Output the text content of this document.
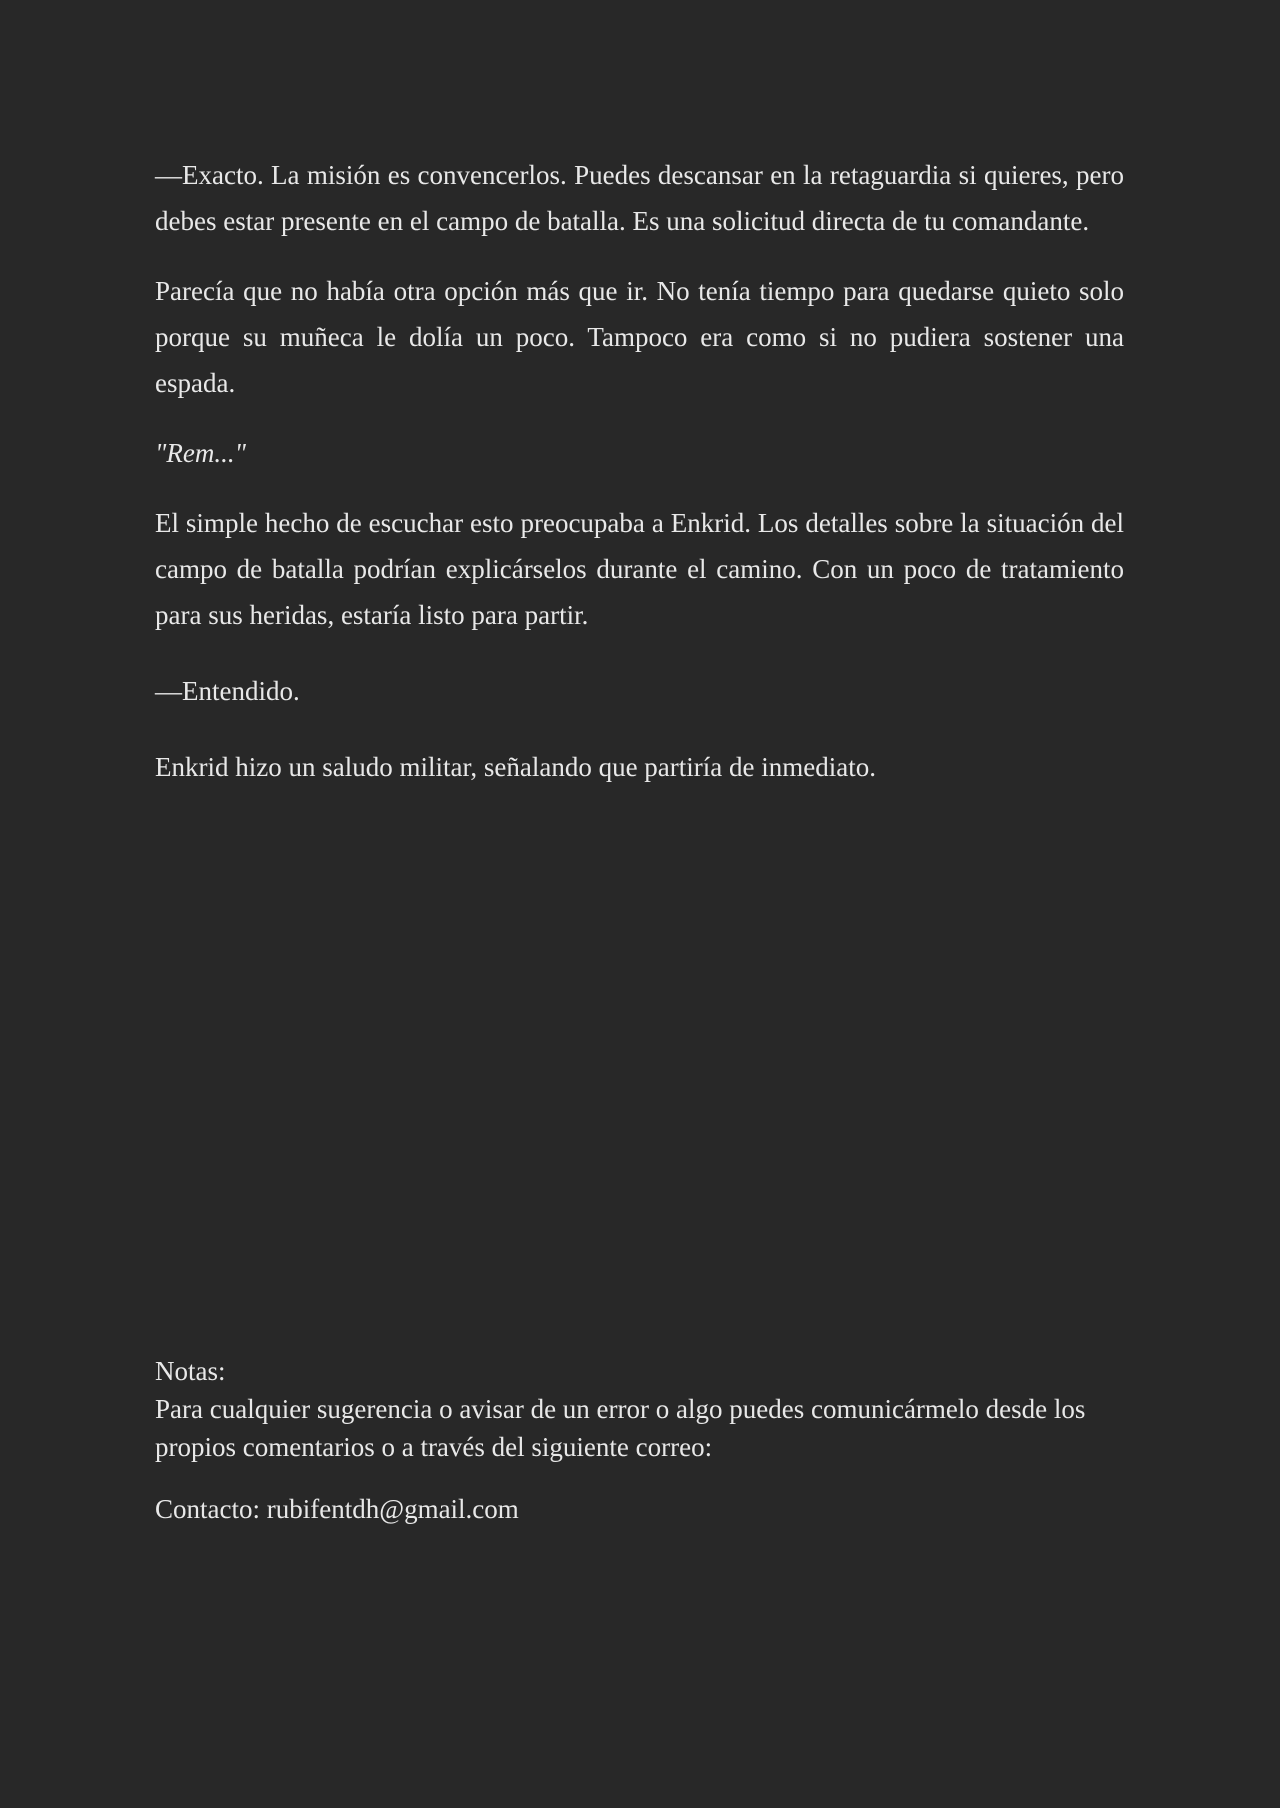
—Exacto. La misión es convencerlos. Puedes descansar en la retaguardia si quieres, pero debes estar presente en el campo de batalla. Es una solicitud directa de tu comandante.

Parecía que no había otra opción más que ir. No tenía tiempo para quedarse quieto solo porque su muñeca le dolía un poco. Tampoco era como si no pudiera sostener una espada.

"Rem..."

El simple hecho de escuchar esto preocupaba a Enkrid. Los detalles sobre la situación del campo de batalla podrían explicárselos durante el camino. Con un poco de tratamiento para sus heridas, estaría listo para partir.

—Entendido.

Enkrid hizo un saludo militar, señalando que partiría de inmediato.

Notas:
Para cualquier sugerencia o avisar de un error o algo puedes comunicármelo desde los propios comentarios o a través del siguiente correo:

Contacto: rubifentdh@gmail.com
